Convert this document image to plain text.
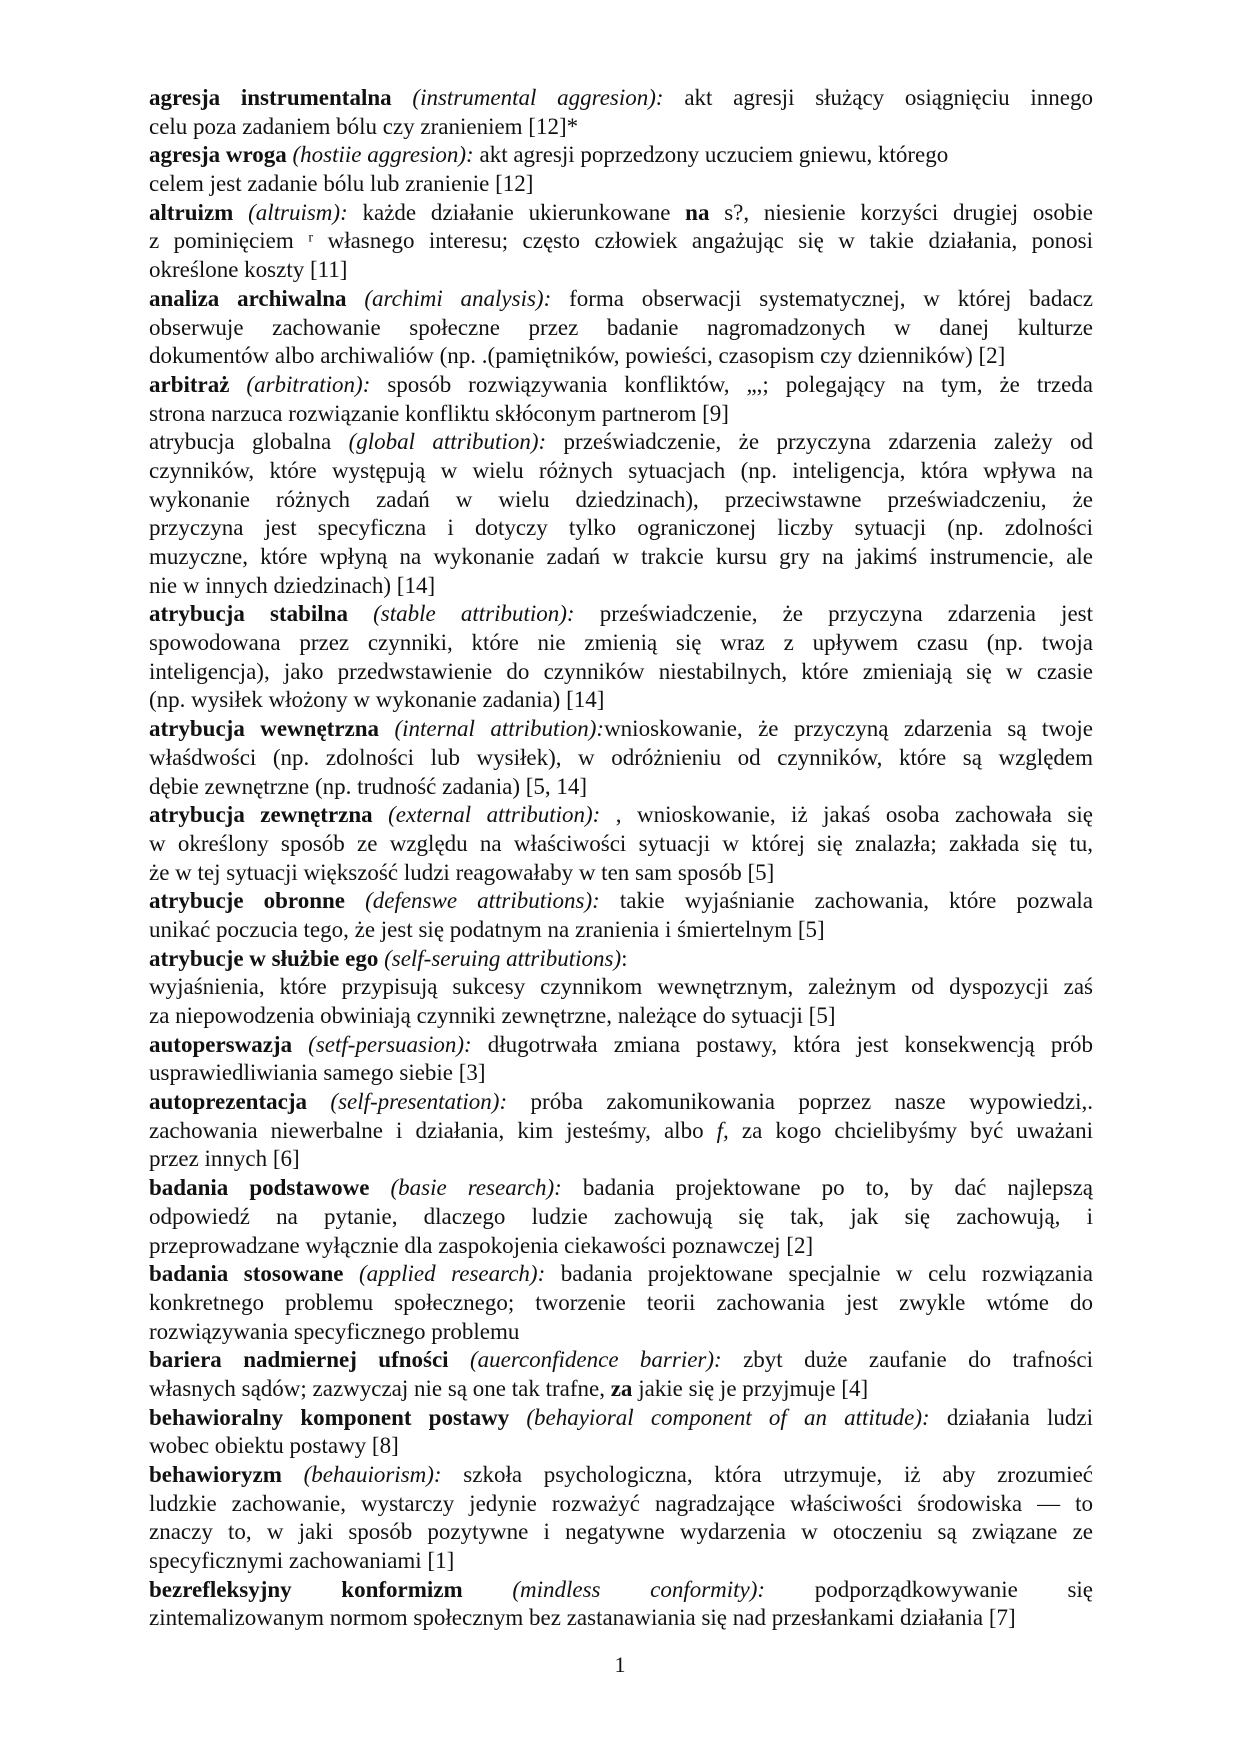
agresja instrumentalna (instrumental aggresion): akt agresji służący osiągnięciu innego
celu poza zadaniem bólu czy zranieniem [12]*
agresja wroga (hostiie aggresion): akt agresji poprzedzony uczuciem gniewu, którego
celem jest zadanie bólu lub zranienie [12]
altruizm (altruism): każde działanie ukierunkowane na s?, niesienie korzyści drugiej osobie
z pominięciem ʳ własnego interesu; często człowiek angażując się w takie działania, ponosi
określone koszty [11]
analiza archiwalna (archimi analysis): forma obserwacji systematycznej, w której badacz
obserwuje zachowanie społeczne przez badanie nagromadzonych w danej kulturze
dokumentów albo archiwaliów (np. .(pamiętników, powieści, czasopism czy dzienników) [2]
arbitraż (arbitration): sposób rozwiązywania konfliktów, „,; polegający na tym, że trzeda
strona narzuca rozwiązanie konfliktu skłóconym partnerom [9]
atrybucja globalna (global attribution): przeświadczenie, że przyczyna zdarzenia zależy od
czynników, które występują w wielu różnych sytuacjach (np. inteligencja, która wpływa na
wykonanie różnych zadań w wielu dziedzinach), przeciwstawne przeświadczeniu, że
przyczyna jest specyficzna i dotyczy tylko ograniczonej liczby sytuacji (np. zdolności
muzyczne, które wpłyną na wykonanie zadań w trakcie kursu gry na jakimś instrumencie, ale
nie w innych dziedzinach) [14]
atrybucja stabilna (stable attribution): przeświadczenie, że przyczyna zdarzenia jest
spowodowana przez czynniki, które nie zmienią się wraz z upływem czasu (np. twoja
inteligencja), jako przedwstawienie do czynników niestabilnych, które zmieniają się w czasie
(np. wysiłek włożony w wykonanie zadania) [14]
atrybucja wewnętrzna (internal attribution):wnioskowanie, że przyczyną zdarzenia są twoje
właśdwości (np. zdolności lub wysiłek), w odróżnieniu od czynników, które są względem
dębie zewnętrzne (np. trudność zadania) [5, 14]
atrybucja zewnętrzna (external attribution): , wnioskowanie, iż jakaś osoba zachowała się
w określony sposób ze względu na właściwości sytuacji w której się znalazła; zakłada się tu,
że w tej sytuacji większość ludzi reagowałaby w ten sam sposób [5]
atrybucje obronne (defenswe attributions): takie wyjaśnianie zachowania, które pozwala
unikać poczucia tego, że jest się podatnym na zranienia i śmiertelnym [5]
atrybucje w służbie ego (self-seruing attributions):
wyjaśnienia, które przypisują sukcesy czynnikom wewnętrznym, zależnym od dyspozycji zaś
za niepowodzenia obwiniają czynniki zewnętrzne, należące do sytuacji [5]
autoperswazja (setf-persuasion): długotrwała zmiana postawy, która jest konsekwencją prób
usprawiedliwiania samego siebie [3]
autoprezentacja (self-presentation): próba zakomunikowania poprzez nasze wypowiedzi,.
zachowania niewerbalne i działania, kim jesteśmy, albo f, za kogo chcielibyśmy być uważani
przez innych [6]
badania podstawowe (basie research): badania projektowane po to, by dać najlepszą
odpowiedź na pytanie, dlaczego ludzie zachowują się tak, jak się zachowują, i
przeprowadzane wyłącznie dla zaspokojenia ciekawości poznawczej [2]
badania stosowane (applied research): badania projektowane specjalnie w celu rozwiązania
konkretnego problemu społecznego; tworzenie teorii zachowania jest zwykle wtóme do
rozwiązywania specyficznego problemu
bariera nadmiernej ufności (auerconfidence barrier): zbyt duże zaufanie do trafności
własnych sądów; zazwyczaj nie są one tak trafne, za jakie się je przyjmuje [4]
behawioralny komponent postawy (behayioral component of an attitude): działania ludzi
wobec obiektu postawy [8]
behawioryzm (behauiorism): szkoła psychologiczna, która utrzymuje, iż aby zrozumieć
ludzkie zachowanie, wystarczy jedynie rozważyć nagradzające właściwości środowiska — to
znaczy to, w jaki sposób pozytywne i negatywne wydarzenia w otoczeniu są związane ze
specyficznymi zachowaniami [1]
bezrefleksyjny konformizm (mindless conformity): podporządkowywanie się
zintemalizowanym normom społecznym bez zastanawiania się nad przesłankami działania [7]
1
